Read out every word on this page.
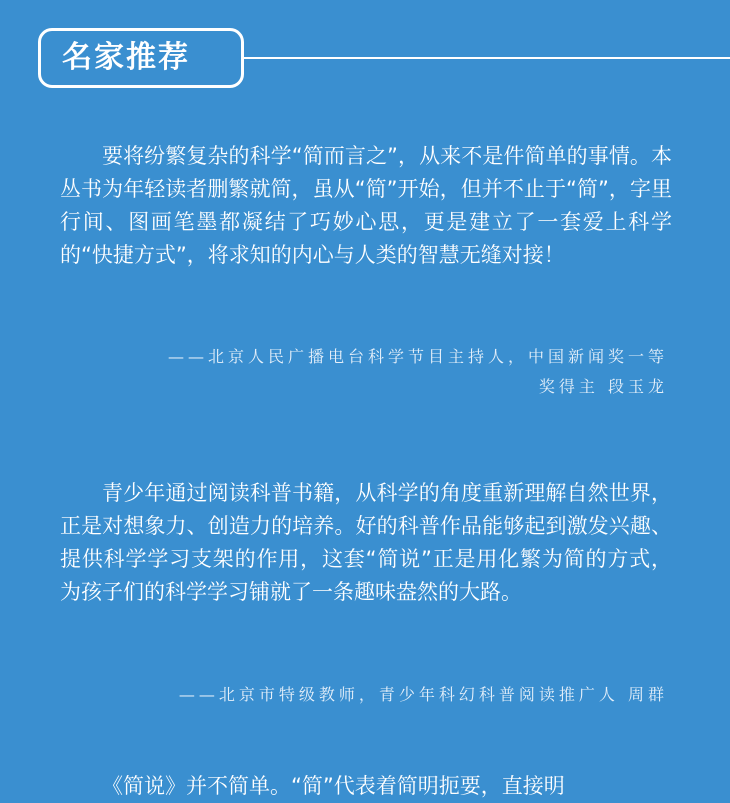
名家推荐

要将纷繁复杂的科学“简而言之”，从来不是件简单的事情。本丛书为年轻读者删繁就简，虽从“简”开始，但并不止于“简”，字里行间、图画笔墨都凝结了巧妙心思，更是建立了一套爱上科学的“快捷方式”，将求知的内心与人类的智慧无缝对接！

——北京人民广播电台科学节目主持人，中国新闻奖一等
奖得主 段玉龙

青少年通过阅读科普书籍，从科学的角度重新理解自然世界， 正是对想象力、创造力的培养。好的科普作品能够起到激发兴趣、提供科学学习支架的作用，这套“简说”正是用化繁为简的方式， 为孩子们的科学学习铺就了一条趣味盎然的大路。

——北京市特级教师，青少年科幻科普阅读推广人 周群

《简说》并不简单。“简”代表着简明扼要，直接明
